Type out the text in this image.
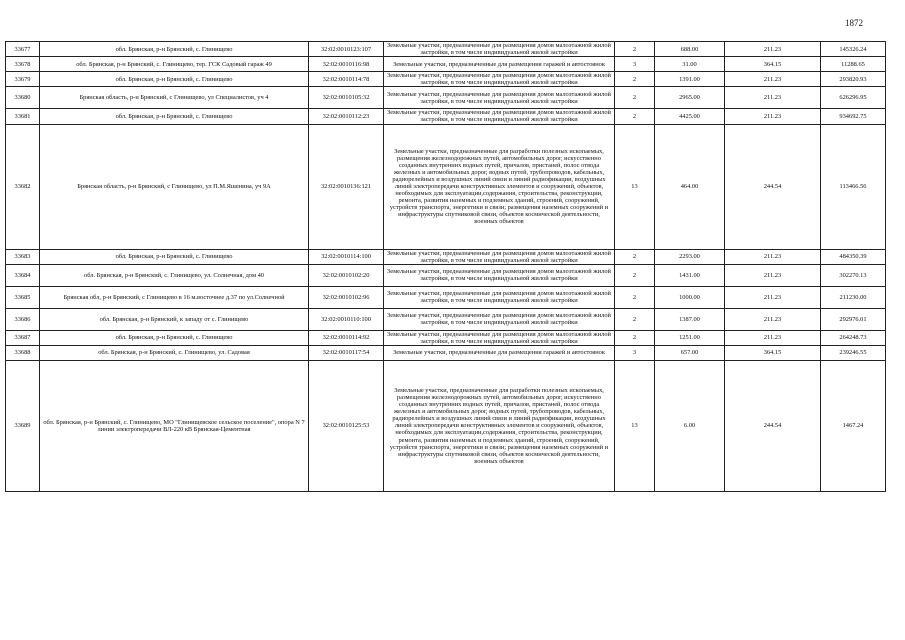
1872
33677	обл. Брянская, р-н Брянский, с. Глинищево	32:02:0010123:107	Земельные участки, предназначенные для размещения домов малоэтажной жилой застройки, в том числе индивидуальной жилой застройки	2	688.00	211.23	145326.24
33678	обл. Брянская, р-н Брянский, с. Глинищево, тер. ГСК Садовый гараж 49	32:02:0010116:98	Земельные участки, предназначенные для размещения гаражей и автостоянок	3	31.00	364.15	11288.65
33679	обл. Брянская, р-н Брянский, с. Глинищево	32:02:0010114:78	Земельные участки, предназначенные для размещения домов малоэтажной жилой застройки, в том числе индивидуальной жилой застройки	2	1391.00	211.23	293820.93
33680	Брянская область, р-н Брянский, с Глинищево, ул Специалистов, уч 4	32:02:0010105:32	Земельные участки, предназначенные для размещения домов малоэтажной жилой застройки, в том числе индивидуальной жилой застройки	2	2965.00	211.23	626296.95
33681	обл. Брянская, р-н Брянский, с. Глинищево	32:02:0010112:23	Земельные участки, предназначенные для размещения домов малоэтажной жилой застройки, в том числе индивидуальной жилой застройки	2	4425.00	211.23	934692.75
33682	Брянская область, р-н Брянский, с Глинищево, ул П.М.Яшенина, уч 9А	32:02:0010136:121	Земельные участки, предназначенные для разработки полезных ископаемых, размещения железнодорожных путей, автомобильных дорог, искусственно созданных внутренних водных путей, причалов, пристаней, полос отвода железных и автомобильных дорог, водных путей, трубопроводов, кабельных, радиорелейных и воздушных линий связи и линий радиофикации, воздушных линий электропередачи конструктивных элементов и сооружений, объектов, необходимых для эксплуатации,содержания, строительства, реконструкции, ремонта, развития наземных и подземных зданий, строений, сооружений, устройств транспорта, энергетики и связи; размещения наземных сооружений и инфраструктуры спутниковой связи, объектов космической деятельности, военных объектов	13	464.00	244.54	113466.56
33683	обл. Брянская, р-н Брянский, с. Глинищево	32:02:0010114:100	Земельные участки, предназначенные для размещения домов малоэтажной жилой застройки, в том числе индивидуальной жилой застройки	2	2293.00	211.23	484350.39
33684	обл. Брянская, р-н Брянский, с. Глинищево, ул. Солнечная, дом 40	32:02:0010102:20	Земельные участки, предназначенные для размещения домов малоэтажной жилой застройки, в том числе индивидуальной жилой застройки	2	1431.00	211.23	302270.13
33685	Брянская обл, р-н Брянский, с Глинищево в 16 м.восточнее д.37 по ул.Солнечной	32:02:0010102:96	Земельные участки, предназначенные для размещения домов малоэтажной жилой застройки, в том числе индивидуальной жилой застройки	2	1000.00	211.23	211230.00
33686	обл. Брянская, р-н Брянский, к западу от с. Глинищево	32:02:0010110:100	Земельные участки, предназначенные для размещения домов малоэтажной жилой застройки, в том числе индивидуальной жилой застройки	2	1387.00	211.23	292976.01
33687	обл. Брянская, р-н Брянский, с. Глинищево	32:02:0010114:92	Земельные участки, предназначенные для размещения домов малоэтажной жилой застройки, в том числе индивидуальной жилой застройки	2	1251.00	211.23	264248.73
33688	обл. Брянская, р-н Брянский, с. Глинищево, ул. Садовая	32:02:0010117:54	Земельные участки, предназначенные для размещения гаражей и автостоянок	3	657.00	364.15	239246.55
33689	обл. Брянская, р-н Брянский, с. Глинищево, МО "Глинищевское сельское поселение", опора N 7 линии электропередачи ВЛ-220 кВ Брянская-Цементная	32:02:0010125:53	Земельные участки, предназначенные для разработки полезных ископаемых, размещения железнодорожных путей, автомобильных дорог, искусственно созданных внутренних водных путей, причалов, пристаней, полос отвода железных и автомобильных дорог, водных путей, трубопроводов, кабельных, радиорелейных и воздушных линий связи и линий радиофикации, воздушных линий электропередачи конструктивных элементов и сооружений, объектов, необходимых для эксплуатации,содержания, строительства, реконструкции, ремонта, развития наземных и подземных зданий, строений, сооружений, устройств транспорта, энергетики и связи; размещения наземных сооружений и инфраструктуры спутниковой связи, объектов космической деятельности, военных объектов	13	6.00	244.54	1467.24
